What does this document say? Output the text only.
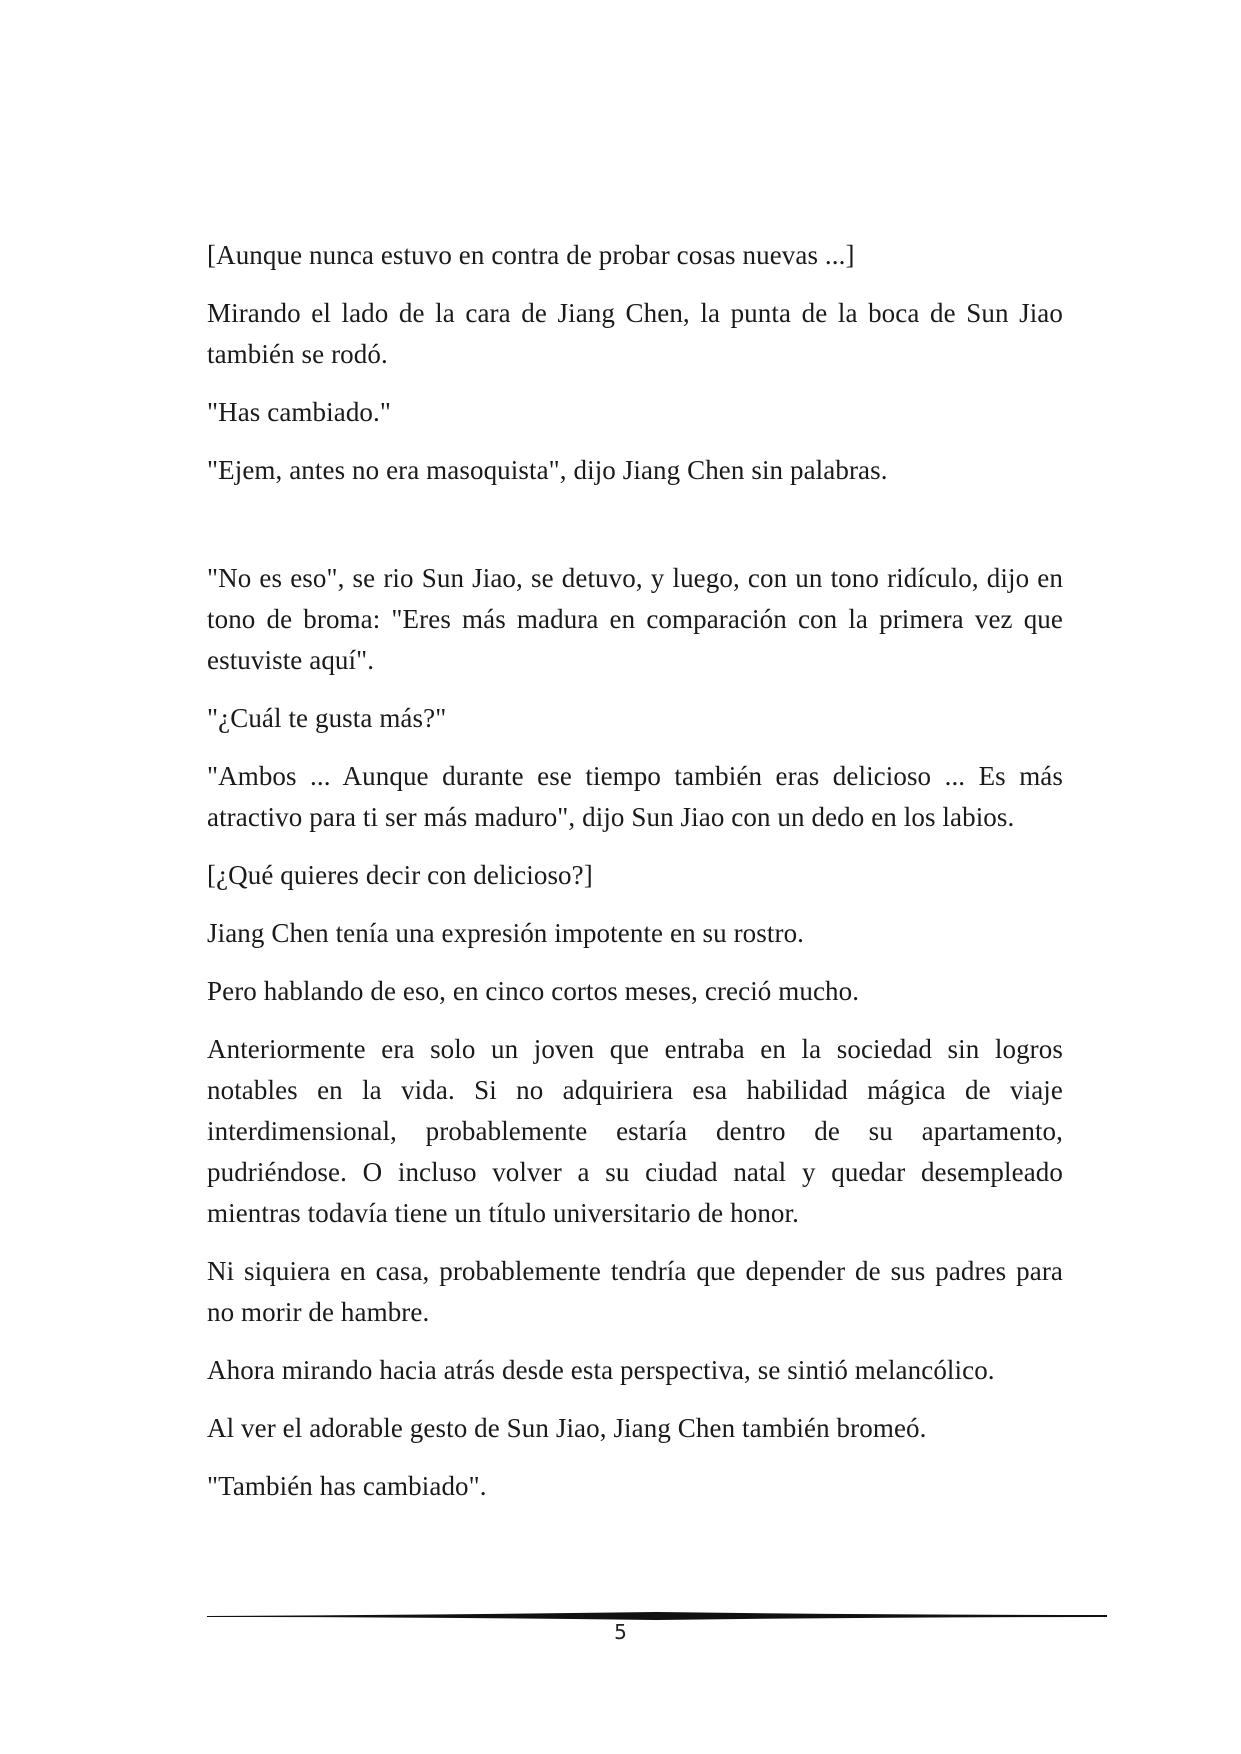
[Aunque nunca estuvo en contra de probar cosas nuevas ...]

Mirando el lado de la cara de Jiang Chen, la punta de la boca de Sun Jiao también se rodó.

"Has cambiado."

"Ejem, antes no era masoquista", dijo Jiang Chen sin palabras.

"No es eso", se rio Sun Jiao, se detuvo, y luego, con un tono ridículo, dijo en tono de broma: "Eres más madura en comparación con la primera vez que estuviste aquí".

"¿Cuál te gusta más?"

"Ambos ... Aunque durante ese tiempo también eras delicioso ... Es más atractivo para ti ser más maduro", dijo Sun Jiao con un dedo en los labios.

[¿Qué quieres decir con delicioso?]

Jiang Chen tenía una expresión impotente en su rostro.

Pero hablando de eso, en cinco cortos meses, creció mucho.

Anteriormente era solo un joven que entraba en la sociedad sin logros notables en la vida. Si no adquiriera esa habilidad mágica de viaje interdimensional, probablemente estaría dentro de su apartamento, pudriéndose. O incluso volver a su ciudad natal y quedar desempleado mientras todavía tiene un título universitario de honor.

Ni siquiera en casa, probablemente tendría que depender de sus padres para no morir de hambre.

Ahora mirando hacia atrás desde esta perspectiva, se sintió melancólico.

Al ver el adorable gesto de Sun Jiao, Jiang Chen también bromeó.

"También has cambiado".

5
